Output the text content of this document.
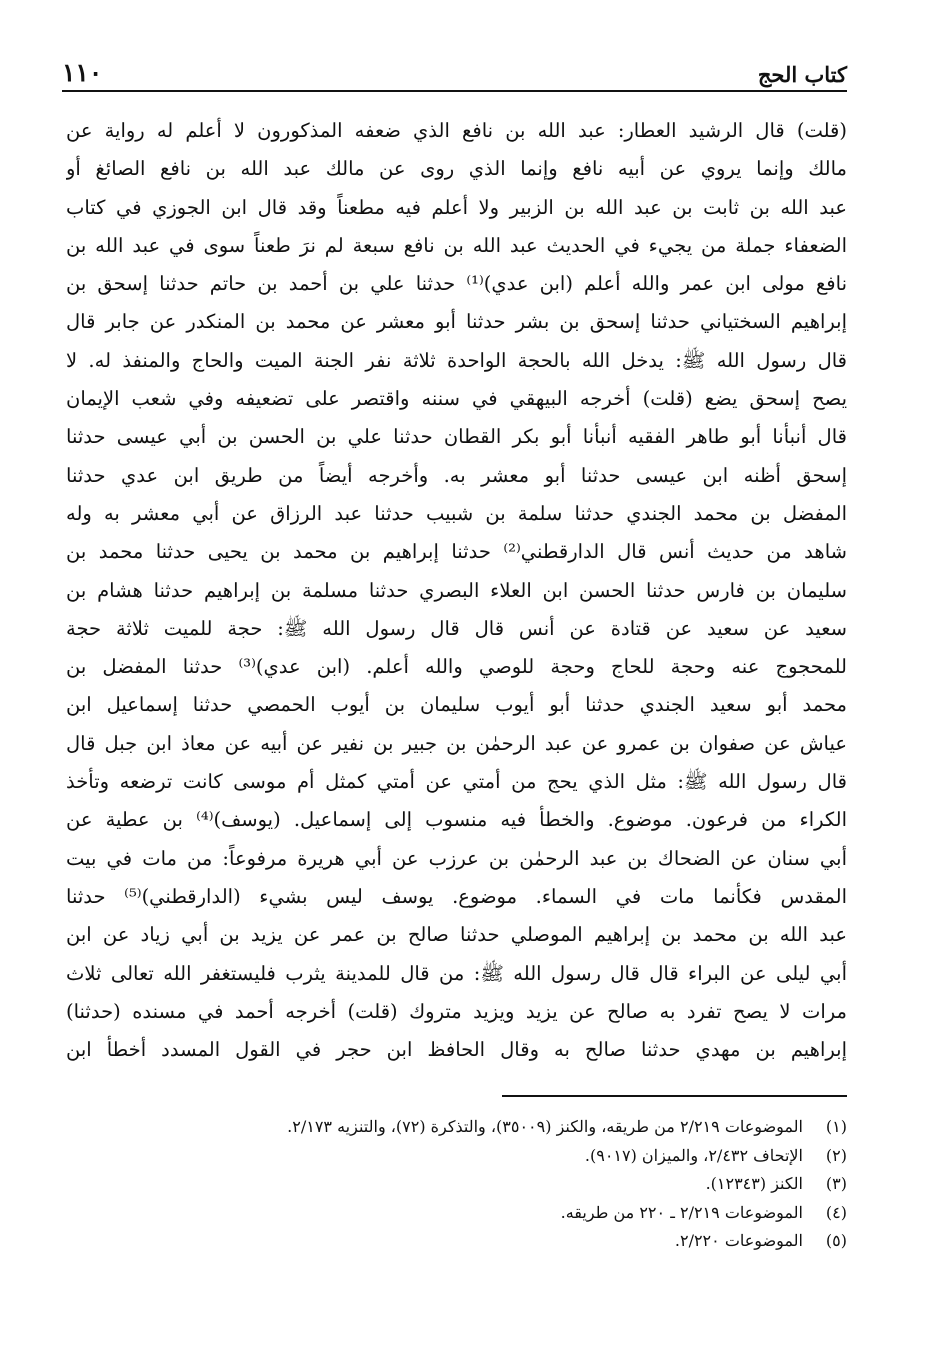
كتاب الحج
١١٠
(قلت) قال الرشيد العطار: عبد الله بن نافع الذي ضعفه المذكورون لا أعلم له رواية عن
مالك وإنما يروي عن أبيه نافع وإنما الذي روى عن مالك عبد الله بن نافع الصائغ أو
عبد الله بن ثابت بن عبد الله بن الزبير ولا أعلم فيه مطعناً وقد قال ابن الجوزي في كتاب
الضعفاء جملة من يجيء في الحديث عبد الله بن نافع سبعة لم نرَ طعناً سوى في عبد الله بن
نافع مولى ابن عمر والله أعلم (ابن عدي)⁽¹⁾ حدثنا علي بن أحمد بن حاتم حدثنا إسحق بن
إبراهيم السختياني حدثنا إسحق بن بشر حدثنا أبو معشر عن محمد بن المنكدر عن جابر قال
قال رسول الله ﷺ: يدخل الله بالحجة الواحدة ثلاثة نفر الجنة الميت والحاج والمنفذ له. لا
يصح إسحق يضع (قلت) أخرجه البيهقي في سننه واقتصر على تضعيفه وفي شعب الإيمان
قال أنبأنا أبو طاهر الفقيه أنبأنا أبو بكر القطان حدثنا علي بن الحسن بن أبي عيسى حدثنا
إسحق أظنه ابن عيسى حدثنا أبو معشر به. وأخرجه أيضاً من طريق ابن عدي حدثنا
المفضل بن محمد الجندي حدثنا سلمة بن شبيب حدثنا عبد الرزاق عن أبي معشر به وله
شاهد من حديث أنس قال الدارقطني⁽²⁾ حدثنا إبراهيم بن محمد بن يحيى حدثنا محمد بن
سليمان بن فارس حدثنا الحسن ابن العلاء البصري حدثنا مسلمة بن إبراهيم حدثنا هشام بن
سعيد عن سعيد عن قتادة عن أنس قال قال رسول الله ﷺ: حجة للميت ثلاثة حجة
للمحجوج عنه وحجة للحاج وحجة للوصي والله أعلم. (ابن عدي)⁽³⁾ حدثنا المفضل بن
محمد أبو سعيد الجندي حدثنا أبو أيوب سليمان بن أيوب الحمصي حدثنا إسماعيل ابن
عياش عن صفوان بن عمرو عن عبد الرحمٰن بن جبير بن نفير عن أبيه عن معاذ ابن جبل قال
قال رسول الله ﷺ: مثل الذي يحج من أمتي عن أمتي كمثل أم موسى كانت ترضعه وتأخذ
الكراء من فرعون. موضوع. والخطأ فيه منسوب إلى إسماعيل. (يوسف)⁽⁴⁾ بن عطية عن
أبي سنان عن الضحاك بن عبد الرحمٰن بن عرزب عن أبي هريرة مرفوعاً: من مات في بيت
المقدس فكأنما مات في السماء. موضوع. يوسف ليس بشيء (الدارقطني)⁽⁵⁾ حدثنا
عبد الله بن محمد بن إبراهيم الموصلي حدثنا صالح بن عمر عن يزيد بن أبي زياد عن ابن
أبي ليلى عن البراء قال قال رسول الله ﷺ: من قال للمدينة يثرب فليستغفر الله تعالى ثلاث
مرات لا يصح تفرد به صالح عن يزيد ويزيد متروك (قلت) أخرجه أحمد في مسنده (حدثنا)
إبراهيم بن مهدي حدثنا صالح به وقال الحافظ ابن حجر في القول المسدد أخطأ ابن
(١)
الموضوعات ٢/٢١٩ من طريقه، والكنز (٣٥٠٠٩)، والتذكرة (٧٢)، والتنزيه ٢/١٧٣.
(٢)
الإتحاف ٢/٤٣٢، والميزان (٩٠١٧).
(٣)
الكنز (١٢٣٤٣).
(٤)
الموضوعات ٢/٢١٩ ـ ٢٢٠ من طريقه.
(٥)
الموضوعات ٢/٢٢٠.
